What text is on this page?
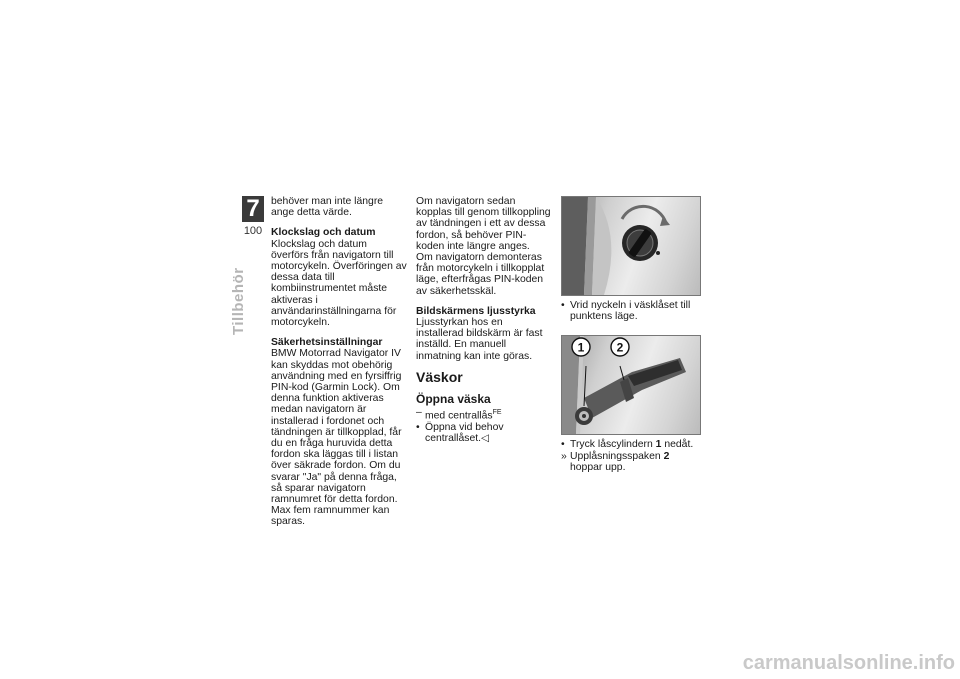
7
100
Tillbehör

behöver man inte längre ange detta värde.

Klockslag och datum

Klockslag och datum överförs från navigatorn till motorcykeln. Överföringen av dessa data till kombiinstrumentet måste aktiveras i användarinställningarna för motorcykeln.

Säkerhetsinställningar

BMW Motorrad Navigator IV kan skyddas mot obehörig användning med en fyrsiffrig PIN-kod (Garmin Lock). Om denna funktion aktiveras medan navigatorn är installerad i fordonet och tändningen är tillkopplad, får du en fråga huruvida detta fordon ska läggas till i listan över säkrade fordon. Om du svarar "Ja" på denna fråga, så sparar navigatorn ramnumret för detta fordon.

Max fem ramnummer kan sparas.

Om navigatorn sedan kopplas till genom tillkoppling av tändningen i ett av dessa fordon, så behöver PIN-koden inte längre anges.

Om navigatorn demonteras från motorcykeln i tillkopplat läge, efterfrågas PIN-koden av säkerhetsskäl.

Bildskärmens ljusstyrka

Ljusstyrkan hos en installerad bildskärm är fast inställd. En manuell inmatning kan inte göras.

Väskor
Öppna väska
– med centrallås$^{FE}$
• Öppna vid behov centrallåset.◁
• Vrid nyckeln i väsklåset till punktens läge.
1	2
• Tryck låscylindern 1 nedåt.
» Upplåsningsspaken 2 hoppar upp.
carmanualsonline.info
